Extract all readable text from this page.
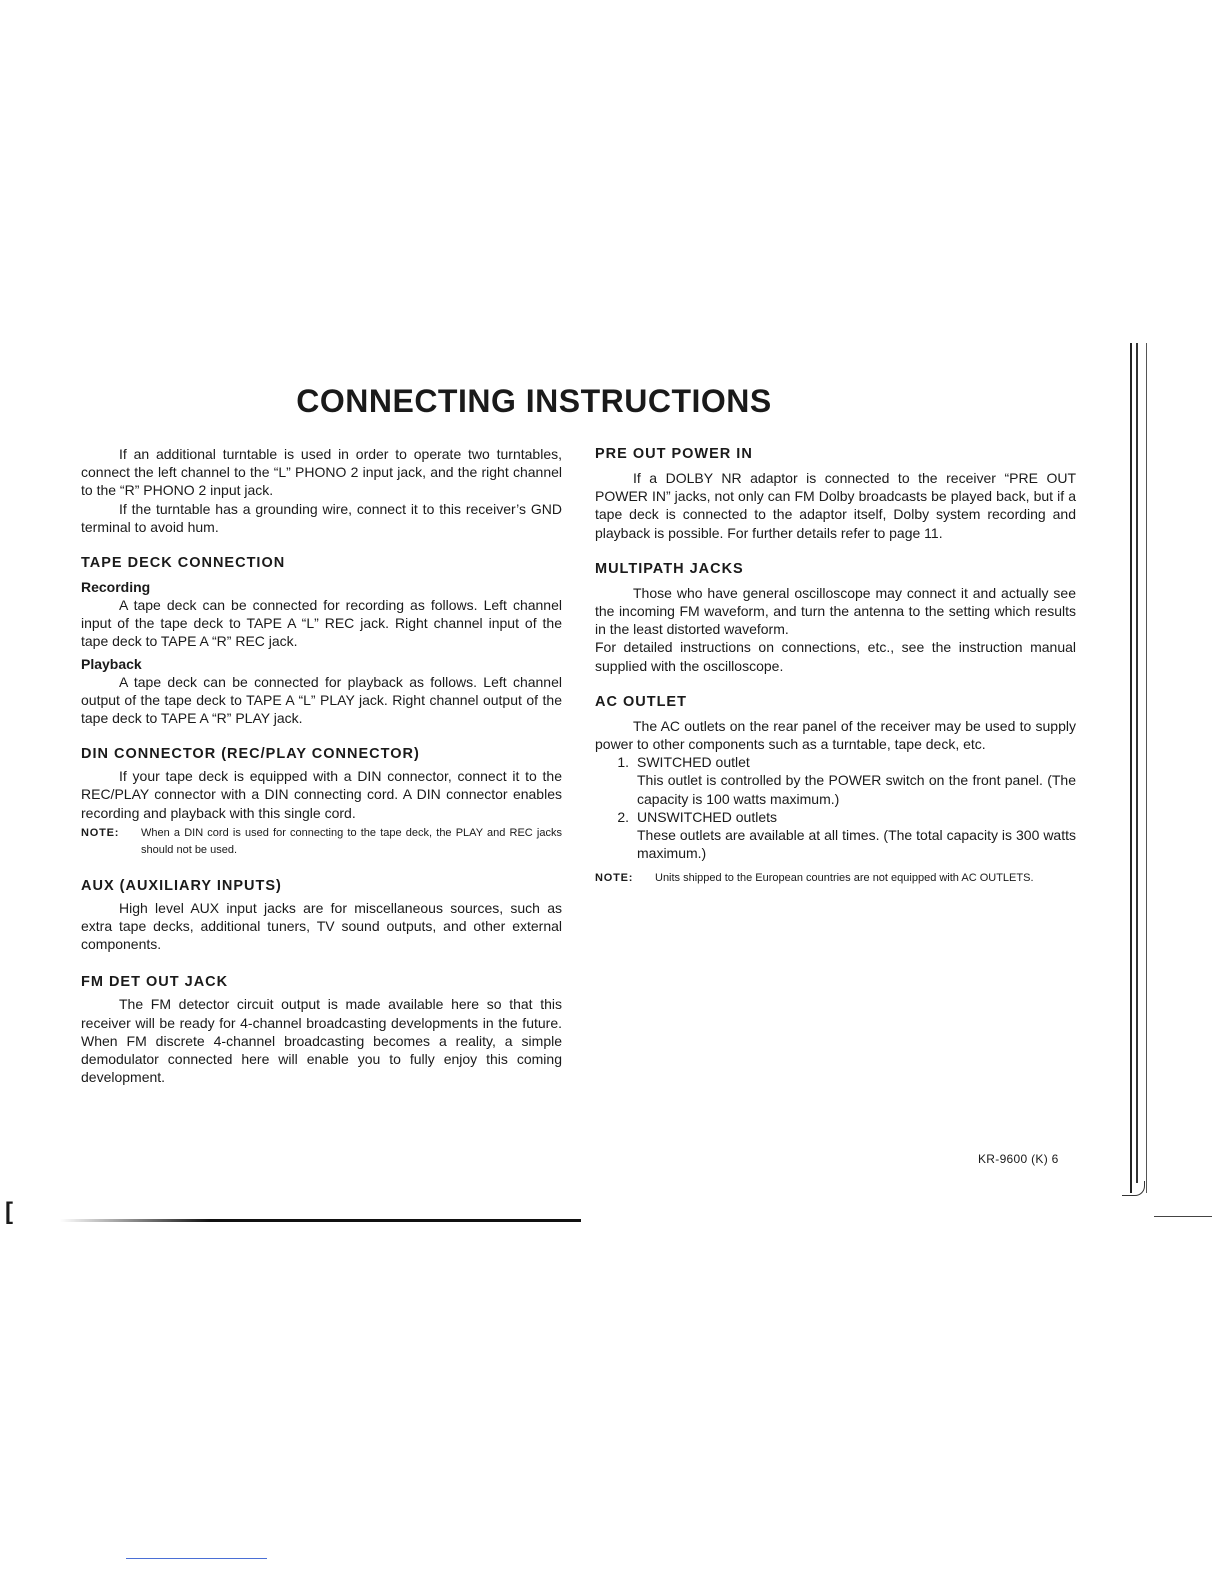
CONNECTING INSTRUCTIONS

If an additional turntable is used in order to operate two turntables, connect the left channel to the “L” PHONO 2 input jack, and the right channel to the “R” PHONO 2 input jack.

If the turntable has a grounding wire, connect it to this receiver’s GND terminal to avoid hum.

TAPE DECK CONNECTION
Recording

A tape deck can be connected for recording as follows. Left channel input of the tape deck to TAPE A “L” REC jack. Right channel input of the tape deck to TAPE A “R” REC jack.

Playback

A tape deck can be connected for playback as follows. Left channel output of the tape deck to TAPE A “L” PLAY jack. Right channel output of the tape deck to TAPE A “R” PLAY jack.

DIN CONNECTOR (REC/PLAY CONNECTOR)

If your tape deck is equipped with a DIN connector, connect it to the REC/PLAY connector with a DIN connecting cord. A DIN connector enables recording and playback with this single cord.

NOTE:	When a DIN cord is used for connecting to the tape deck, the PLAY and REC jacks should not be used.
AUX (AUXILIARY INPUTS)

High level AUX input jacks are for miscellaneous sources, such as extra tape decks, additional tuners, TV sound outputs, and other external components.

FM DET OUT JACK

The FM detector circuit output is made available here so that this receiver will be ready for 4-channel broadcasting developments in the future. When FM discrete 4-channel broadcasting becomes a reality, a simple demodulator connected here will enable you to fully enjoy this coming development.

PRE OUT POWER IN

If a DOLBY NR adaptor is connected to the receiver “PRE OUT POWER IN” jacks, not only can FM Dolby broadcasts be played back, but if a tape deck is connected to the adaptor itself, Dolby system recording and playback is possible. For further details refer to page 11.

MULTIPATH JACKS

Those who have general oscilloscope may connect it and actually see the incoming FM waveform, and turn the antenna to the setting which results in the least distorted waveform.

For detailed instructions on connections, etc., see the instruction manual supplied with the oscilloscope.

AC OUTLET

The AC outlets on the rear panel of the receiver may be used to supply power to other components such as a turntable, tape deck, etc.

1. SWITCHED outlet

This outlet is controlled by the POWER switch on the front panel. (The capacity is 100 watts maximum.)

2. UNSWITCHED outlets

These outlets are available at all times. (The total capacity is 300 watts maximum.)

NOTE:	Units shipped to the European countries are not equipped with AC OUTLETS.
KR-9600 (K) 6
[
